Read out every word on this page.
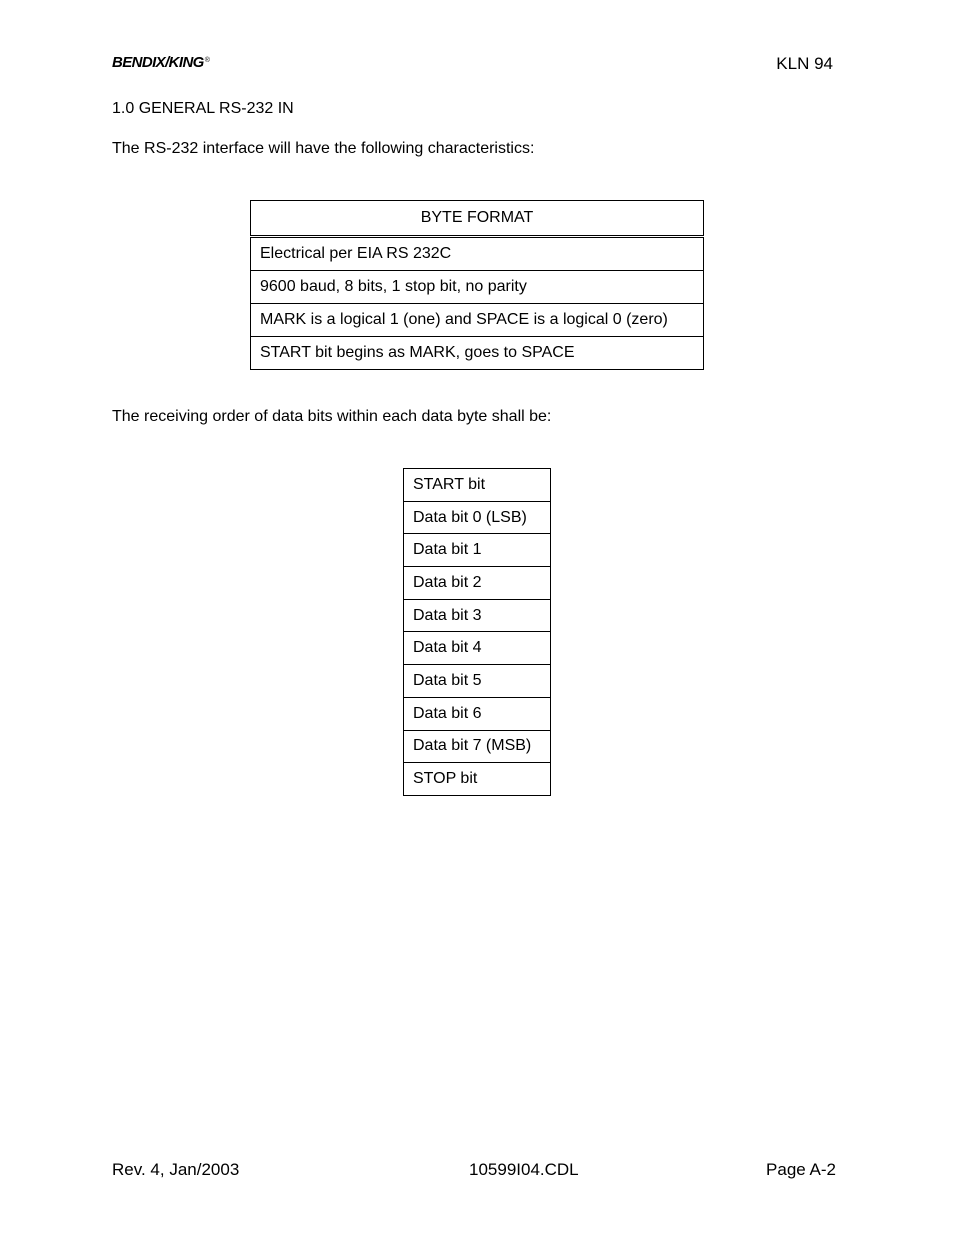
BENDIX/KING®	KLN 94
1.0 GENERAL RS-232 IN
The RS-232 interface will have the following characteristics:
BYTE FORMAT
Electrical per EIA RS 232C
9600 baud, 8 bits, 1 stop bit, no parity
MARK is a logical 1 (one) and SPACE is a logical 0 (zero)
START bit begins as MARK, goes to SPACE
The receiving order of data bits within each data byte shall be:
START bit
Data bit 0 (LSB)
Data bit 1
Data bit 2
Data bit 3
Data bit 4
Data bit 5
Data bit 6
Data bit 7 (MSB)
STOP bit
Rev. 4, Jan/2003	10599I04.CDL	Page A-2
